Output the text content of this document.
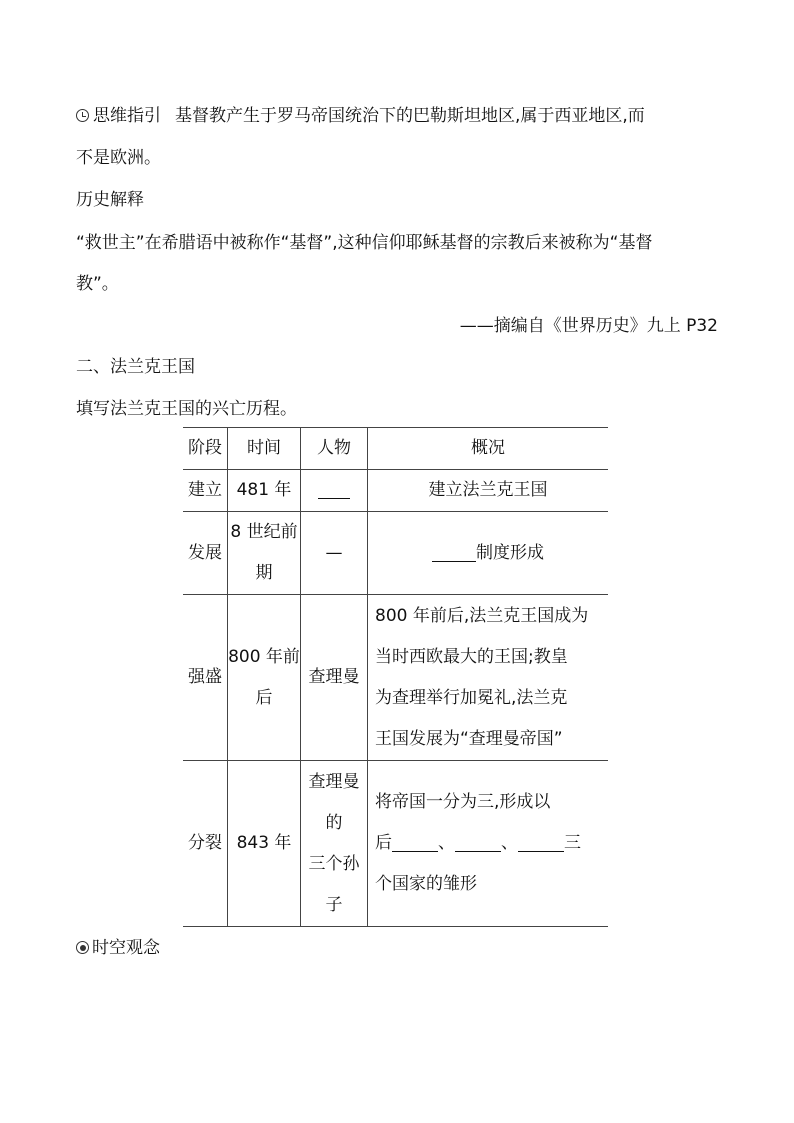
思维指引 基督教产生于罗马帝国统治下的巴勒斯坦地区,属于西亚地区,而
不是欧洲。
历史解释
“救世主”在希腊语中被称作“基督”,这种信仰耶稣基督的宗教后来被称为“基督
教”。
——摘编自《世界历史》九上 P32
二、法兰克王国
填写法兰克王国的兴亡历程。
阶段	时间	人物	概况
建立	481 年		建立法兰克王国
发展	8 世纪前
期	—	制度形成
强盛	800 年前
后	查理曼	800 年前后,法兰克王国成为
当时西欧最大的王国;教皇
为查理举行加冕礼,法兰克
王国发展为“查理曼帝国”

分裂	843 年	查理曼
的
三个孙
子	将帝国一分为三,形成以
后 、 、 三
个国家的雏形
时空观念
